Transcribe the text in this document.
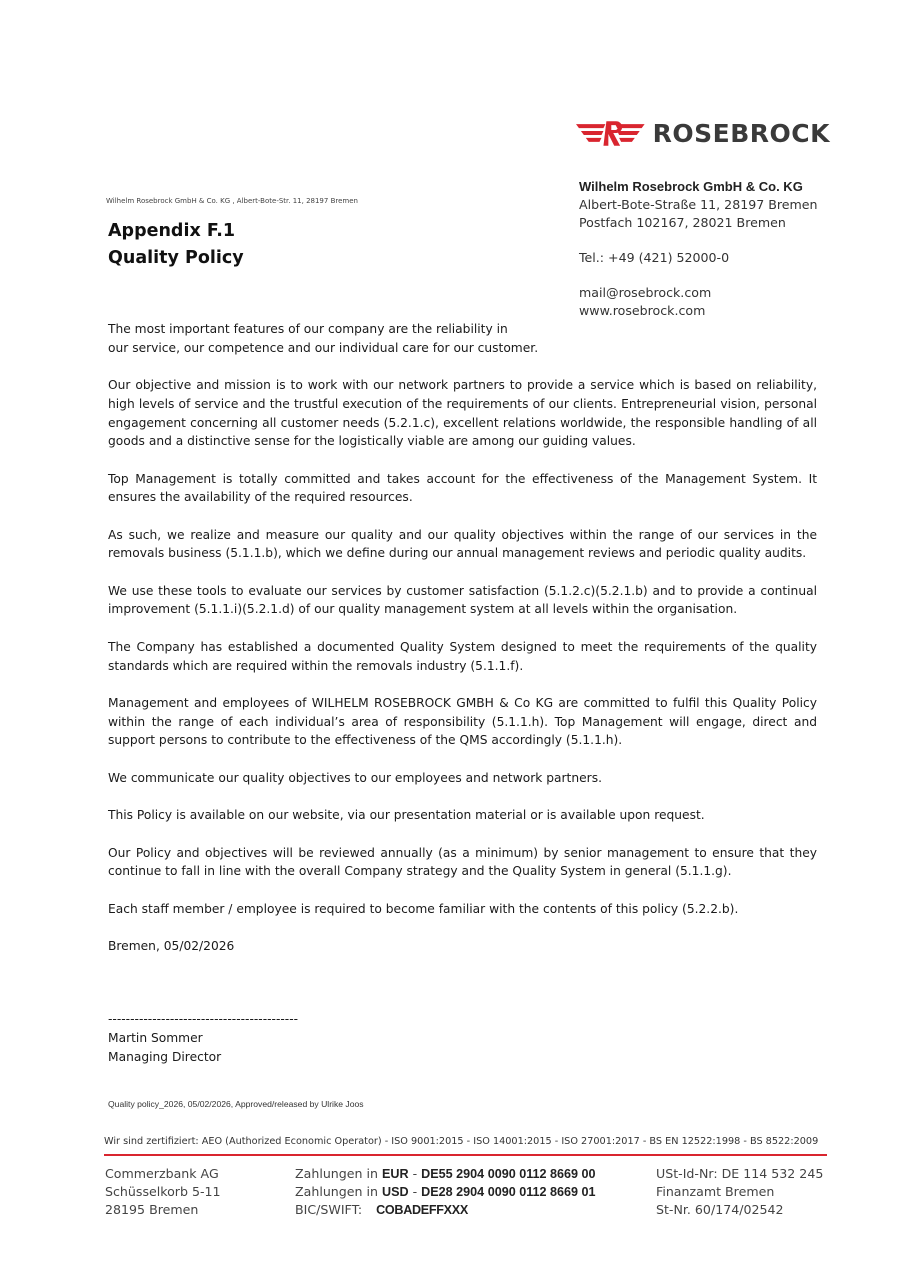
ROSEBROCK
Wilhelm Rosebrock GmbH & Co. KG , Albert-Bote-Str. 11, 28197 Bremen
Appendix F.1
Quality Policy
Wilhelm Rosebrock GmbH & Co. KG
Albert-Bote-Straße 11, 28197 Bremen
Postfach 102167, 28021 Bremen
Tel.: +49 (421) 52000-0
mail@rosebrock.com
www.rosebrock.com

The most important features of our company are the reliability in
our service, our competence and our individual care for our customer.

Our objective and mission is to work with our network partners to provide a service which is based on reliability, high levels of service and the trustful execution of the requirements of our clients. Entrepreneurial vision, personal engagement concerning all customer needs (5.2.1.c), excellent relations worldwide, the responsible handling of all goods and a distinctive sense for the logistically viable are among our guiding values.

Top Management is totally committed and takes account for the effectiveness of the Management System. It ensures the availability of the required resources.

As such, we realize and measure our quality and our quality objectives within the range of our services in the removals business (5.1.1.b), which we define during our annual management reviews and periodic quality audits.

We use these tools to evaluate our services by customer satisfaction (5.1.2.c)(5.2.1.b) and to provide a continual improvement (5.1.1.i)(5.2.1.d) of our quality management system at all levels within the organisation.

The Company has established a documented Quality System designed to meet the requirements of the quality standards which are required within the removals industry (5.1.1.f).

Management and employees of WILHELM ROSEBROCK GMBH & Co KG are committed to fulfil this Quality Policy within the range of each individual’s area of responsibility (5.1.1.h). Top Management will engage, direct and support persons to contribute to the effectiveness of the QMS accordingly (5.1.1.h).

We communicate our quality objectives to our employees and network partners.

This Policy is available on our website, via our presentation material or is available upon request.

Our Policy and objectives will be reviewed annually (as a minimum) by senior management to ensure that they continue to fall in line with the overall Company strategy and the Quality System in general (5.1.1.g).

Each staff member / employee is required to become familiar with the contents of this policy (5.2.2.b).

Bremen, 05/02/2026

-------------------------------------------
Martin Sommer
Managing Director
Quality policy_2026, 05/02/2026, Approved/released by Ulrike Joos
Wir sind zertifiziert: AEO (Authorized Economic Operator) - ISO 9001:2015 - ISO 14001:2015 - ISO 27001:2017 - BS EN 12522:1998 - BS 8522:2009
Commerzbank AG
Schüsselkorb 5-11
28195 Bremen
Zahlungen in EUR - DE55 2904 0090 0112 8669 00
Zahlungen in USD - DE28 2904 0090 0112 8669 01
BIC/SWIFT: COBADEFFXXX
USt-Id-Nr: DE 114 532 245
Finanzamt Bremen
St-Nr. 60/174/02542
